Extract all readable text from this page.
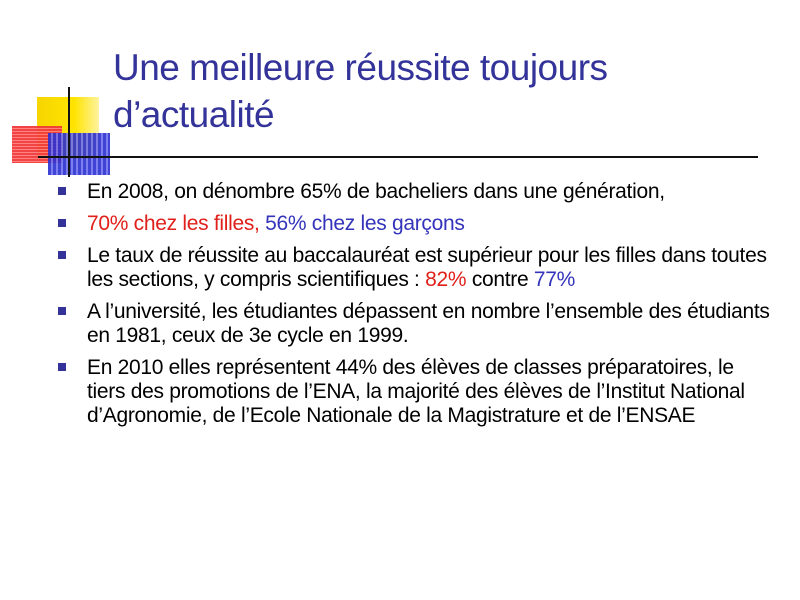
Une meilleure réussite toujours d’actualité
En 2008, on dénombre 65% de bacheliers dans une génération,
70% chez les filles, 56% chez les garçons
Le taux de réussite au baccalauréat est supérieur pour les filles dans toutes les sections, y compris scientifiques : 82% contre 77%
A l’université, les étudiantes dépassent en nombre l’ensemble des étudiants en 1981, ceux de 3e cycle en 1999.
En 2010 elles représentent 44% des élèves de classes préparatoires, le tiers des promotions de l’ENA, la majorité des élèves de l’Institut National d’Agronomie, de l’Ecole Nationale de la Magistrature et de l’ENSAE
